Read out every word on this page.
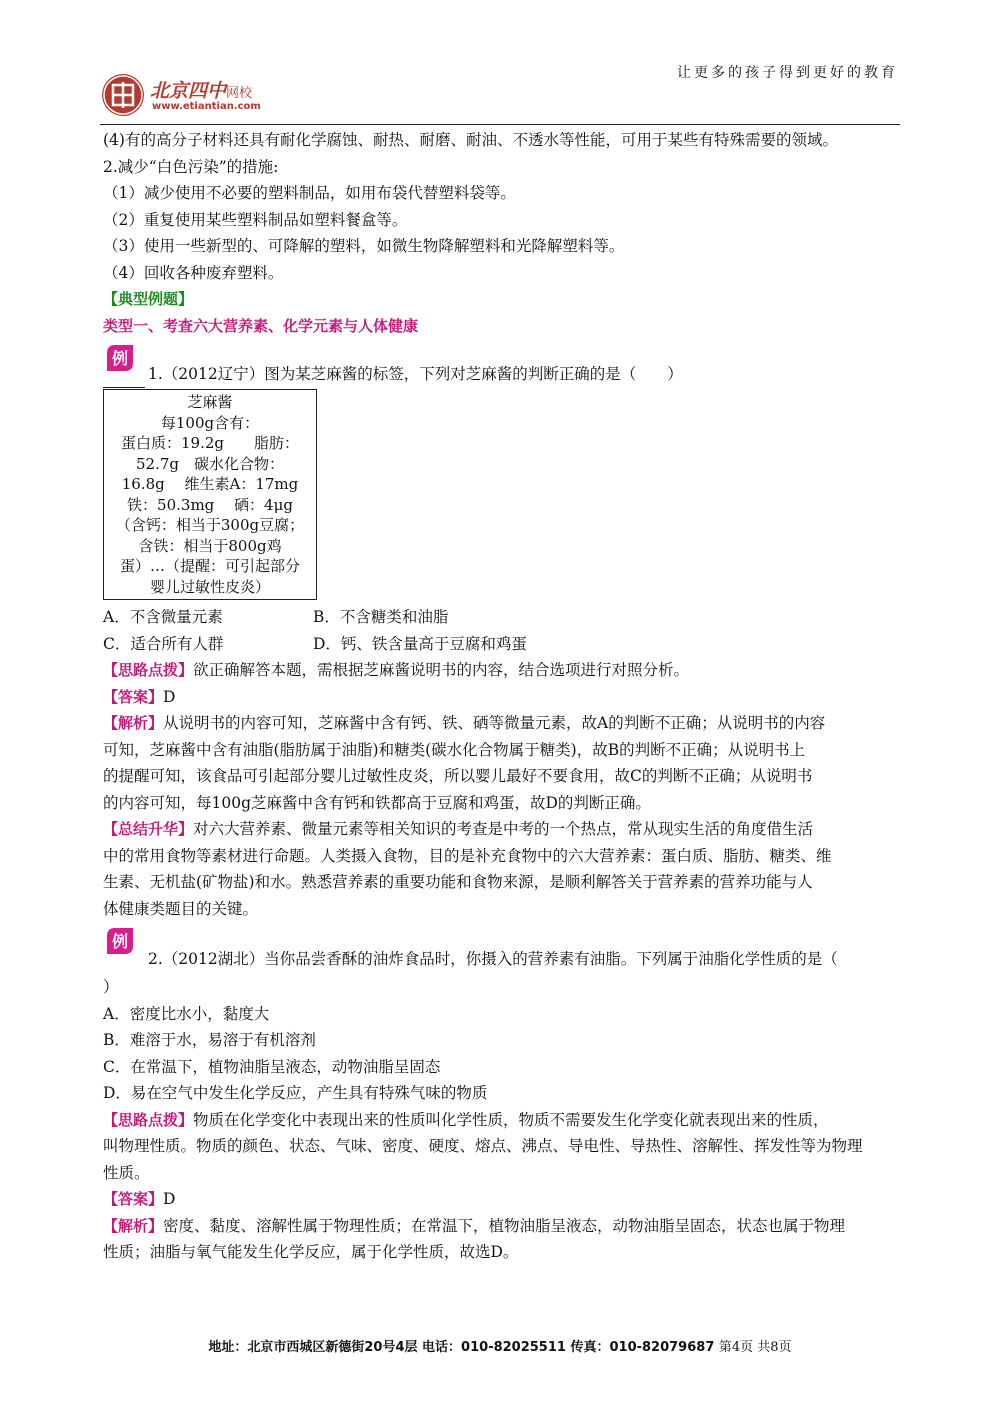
让更多的孩子得到更好的教育
北京四中网校
www.etiantian.com
(4)有的高分子材料还具有耐化学腐蚀、耐热、耐磨、耐油、不透水等性能，可用于某些有特殊需要的领域。
2.减少“白色污染”的措施:
（1）减少使用不必要的塑料制品，如用布袋代替塑料袋等。
（2）重复使用某些塑料制品如塑料餐盒等。
（3）使用一些新型的、可降解的塑料，如微生物降解塑料和光降解塑料等。
（4）回收各种废弃塑料。
【典型例题】
类型一、考查六大营养素、化学元素与人体健康
例
1.（2012辽宁）图为某芝麻酱的标签，下列对芝麻酱的判断正确的是（　　）
芝麻酱
每100g含有：
蛋白质：19.2g　　脂肪：
52.7g　碳水化合物：
16.8g　 维生素A：17mg
铁：50.3mg　 硒：4μg
（含钙：相当于300g豆腐；
含铁：相当于800g鸡
蛋）…（提醒：可引起部分
婴儿过敏性皮炎）
A．不含微量元素	B．不含糖类和油脂
C．适合所有人群	D．钙、铁含量高于豆腐和鸡蛋
【思路点拨】欲正确解答本题，需根据芝麻酱说明书的内容，结合选项进行对照分析。
【答案】D
【解析】从说明书的内容可知，芝麻酱中含有钙、铁、硒等微量元素，故A的判断不正确；从说明书的内容
可知，芝麻酱中含有油脂(脂肪属于油脂)和糖类(碳水化合物属于糖类)，故B的判断不正确；从说明书上
的提醒可知，该食品可引起部分婴儿过敏性皮炎，所以婴儿最好不要食用，故C的判断不正确；从说明书
的内容可知，每100g芝麻酱中含有钙和铁都高于豆腐和鸡蛋，故D的判断正确。
【总结升华】对六大营养素、微量元素等相关知识的考查是中考的一个热点，常从现实生活的角度借生活
中的常用食物等素材进行命题。人类摄入食物，目的是补充食物中的六大营养素：蛋白质、脂肪、糖类、维
生素、无机盐(矿物盐)和水。熟悉营养素的重要功能和食物来源，是顺利解答关于营养素的营养功能与人
体健康类题目的关键。
例
2.（2012湖北）当你品尝香酥的油炸食品时，你摄入的营养素有油脂。下列属于油脂化学性质的是（
）
A．密度比水小，黏度大
B．难溶于水，易溶于有机溶剂
C．在常温下，植物油脂呈液态，动物油脂呈固态
D．易在空气中发生化学反应，产生具有特殊气味的物质
【思路点拨】物质在化学变化中表现出来的性质叫化学性质，物质不需要发生化学变化就表现出来的性质，
叫物理性质。物质的颜色、状态、气味、密度、硬度、熔点、沸点、导电性、导热性、溶解性、挥发性等为物理
性质。
【答案】D
【解析】密度、黏度、溶解性属于物理性质；在常温下，植物油脂呈液态，动物油脂呈固态，状态也属于物理
性质；油脂与氧气能发生化学反应，属于化学性质，故选D。
地址：北京市西城区新德街20号4层 电话：010-82025511 传真：010-82079687 第4页 共8页
